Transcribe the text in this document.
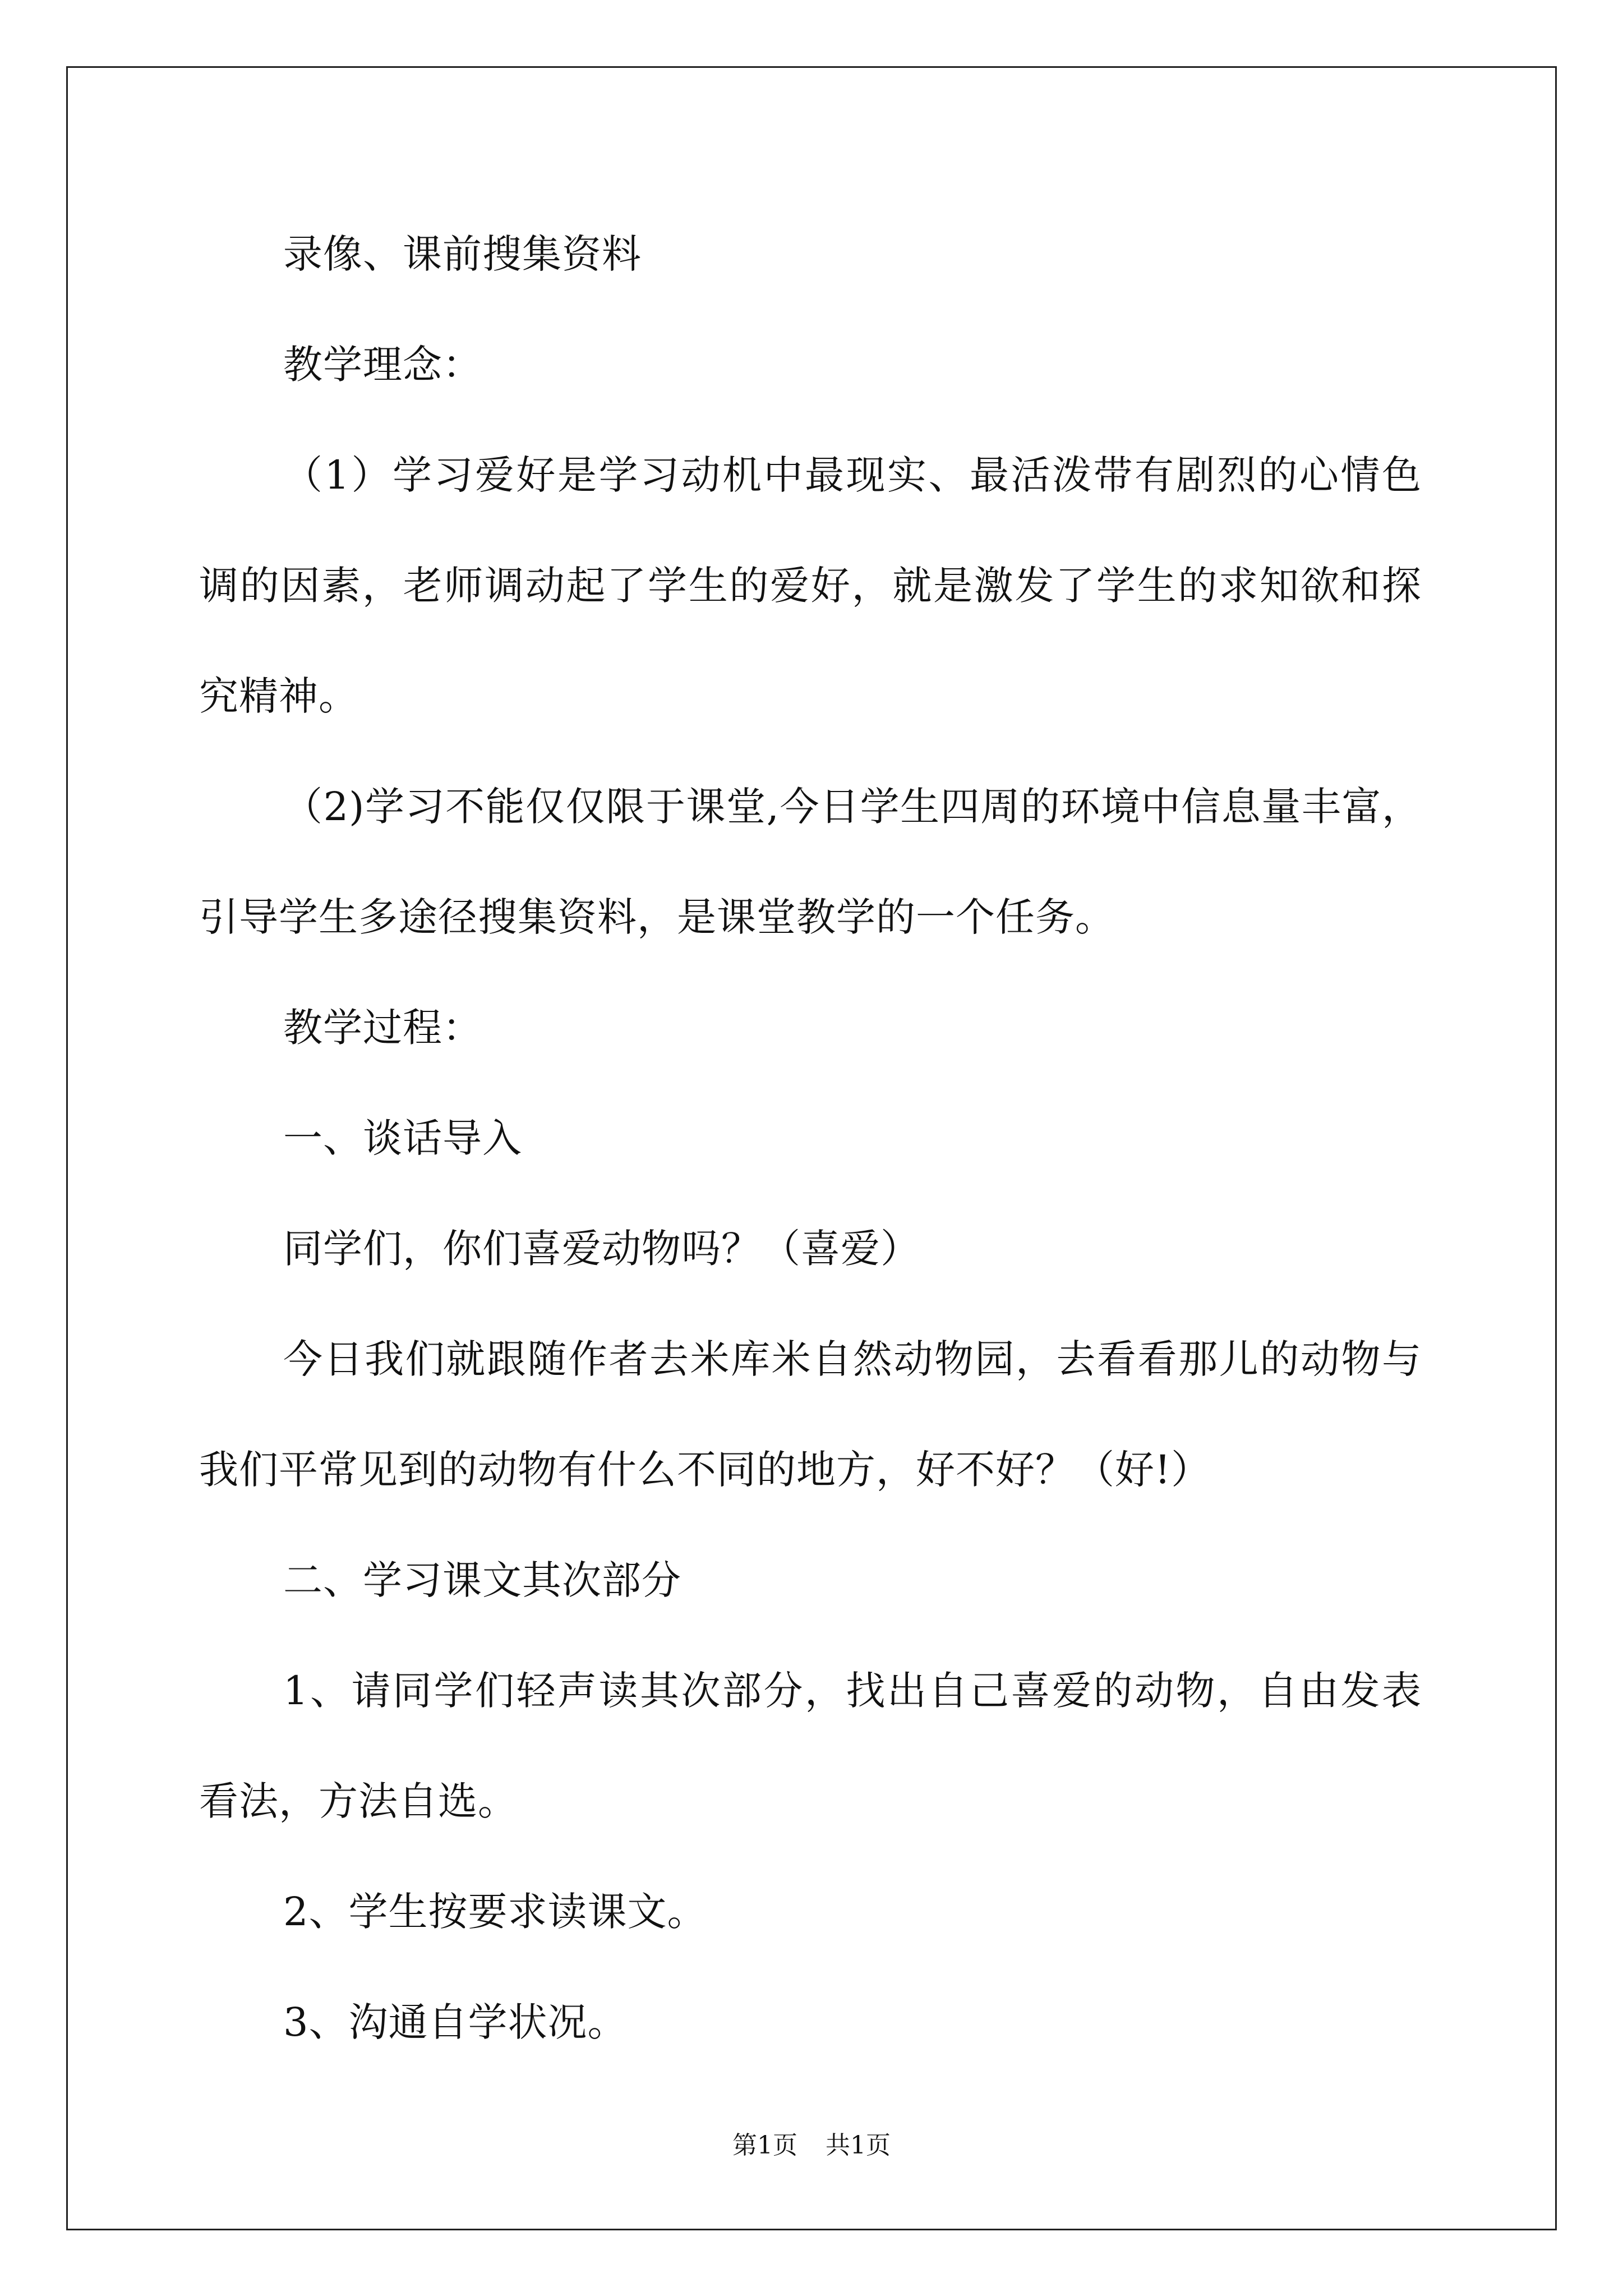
录像、课前搜集资料

教学理念：

（1）学习爱好是学习动机中最现实、最活泼带有剧烈的心情色调的因素，老师调动起了学生的爱好，就是激发了学生的求知欲和探究精神。

（2)学习不能仅仅限于课堂,今日学生四周的环境中信息量丰富，引导学生多途径搜集资料，是课堂教学的一个任务。

教学过程：

一、谈话导入

同学们，你们喜爱动物吗？（喜爱）

今日我们就跟随作者去米库米自然动物园，去看看那儿的动物与我们平常见到的动物有什么不同的地方，好不好？（好!）

二、学习课文其次部分

1、请同学们轻声读其次部分，找出自己喜爱的动物，自由发表看法，方法自选。

2、学生按要求读课文。

3、沟通自学状况。

第1页 共1页
